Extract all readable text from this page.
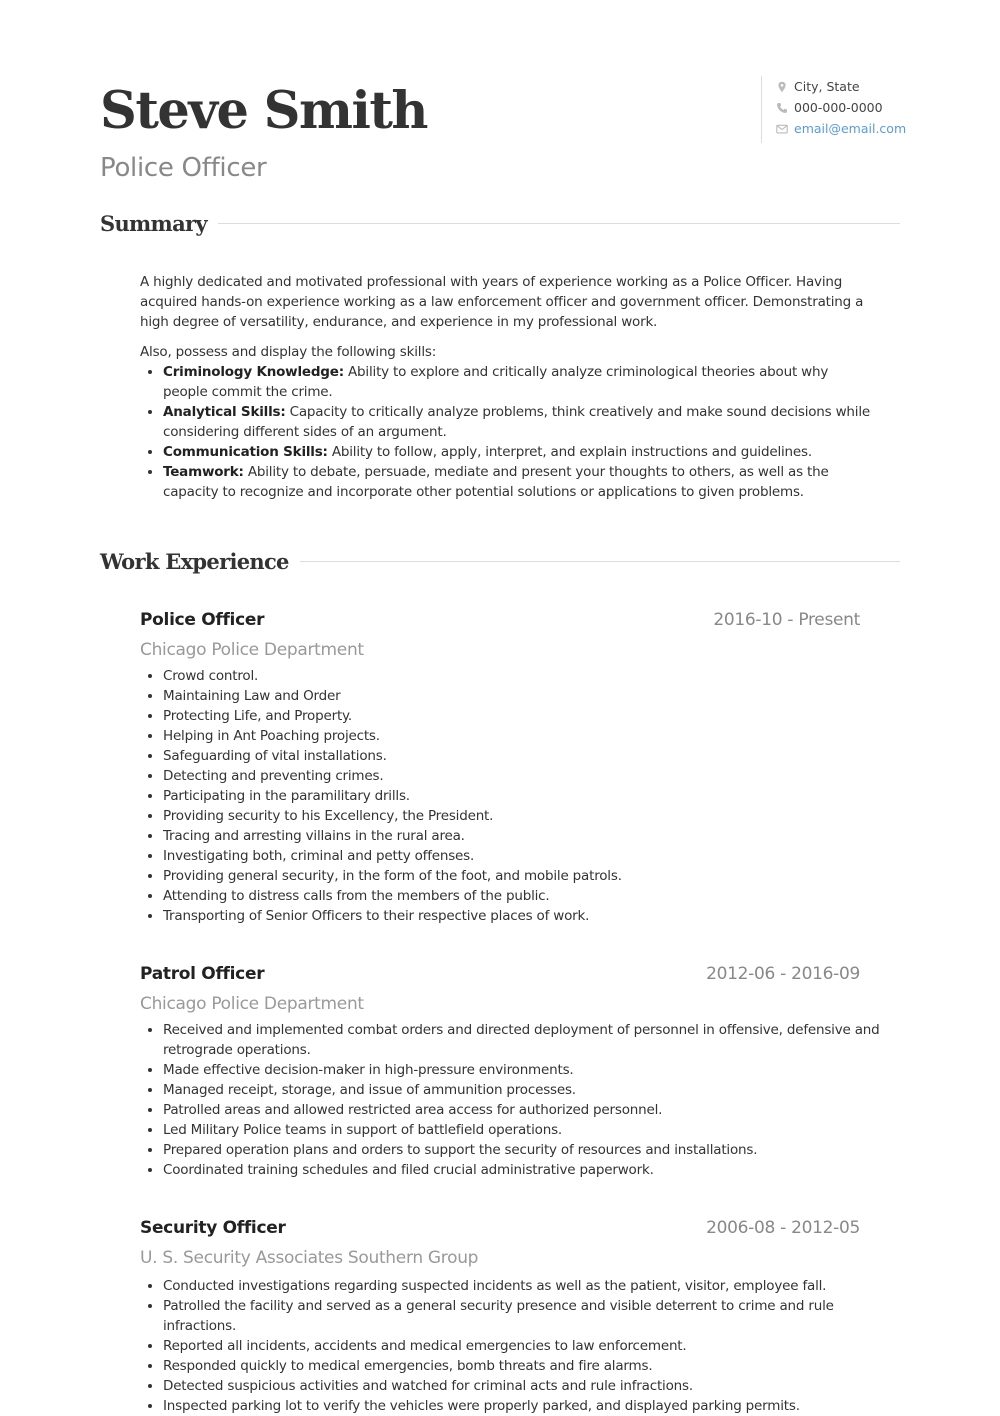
Steve Smith
Police Officer
City, State
000-000-0000
email@email.com
Summary

A highly dedicated and motivated professional with years of experience working as a Police Officer. Having acquired hands-on experience working as a law enforcement officer and government officer. Demonstrating a high degree of versatility, endurance, and experience in my professional work.

Also, possess and display the following skills:

• Criminology Knowledge: Ability to explore and critically analyze criminological theories about why people commit the crime.
• Analytical Skills: Capacity to critically analyze problems, think creatively and make sound decisions while considering different sides of an argument.
• Communication Skills: Ability to follow, apply, interpret, and explain instructions and guidelines.
• Teamwork: Ability to debate, persuade, mediate and present your thoughts to others, as well as the capacity to recognize and incorporate other potential solutions or applications to given problems.
Work Experience
Police Officer	2016-10 - Present
Chicago Police Department
• Crowd control.
• Maintaining Law and Order
• Protecting Life, and Property.
• Helping in Ant Poaching projects.
• Safeguarding of vital installations.
• Detecting and preventing crimes.
• Participating in the paramilitary drills.
• Providing security to his Excellency, the President.
• Tracing and arresting villains in the rural area.
• Investigating both, criminal and petty offenses.
• Providing general security, in the form of the foot, and mobile patrols.
• Attending to distress calls from the members of the public.
• Transporting of Senior Officers to their respective places of work.
Patrol Officer	2012-06 - 2016-09
Chicago Police Department
• Received and implemented combat orders and directed deployment of personnel in offensive, defensive and retrograde operations.
• Made effective decision-maker in high-pressure environments.
• Managed receipt, storage, and issue of ammunition processes.
• Patrolled areas and allowed restricted area access for authorized personnel.
• Led Military Police teams in support of battlefield operations.
• Prepared operation plans and orders to support the security of resources and installations.
• Coordinated training schedules and filed crucial administrative paperwork.
Security Officer	2006-08 - 2012-05
U. S. Security Associates Southern Group
• Conducted investigations regarding suspected incidents as well as the patient, visitor, employee fall.
• Patrolled the facility and served as a general security presence and visible deterrent to crime and rule infractions.
• Reported all incidents, accidents and medical emergencies to law enforcement.
• Responded quickly to medical emergencies, bomb threats and fire alarms.
• Detected suspicious activities and watched for criminal acts and rule infractions.
• Inspected parking lot to verify the vehicles were properly parked, and displayed parking permits.
